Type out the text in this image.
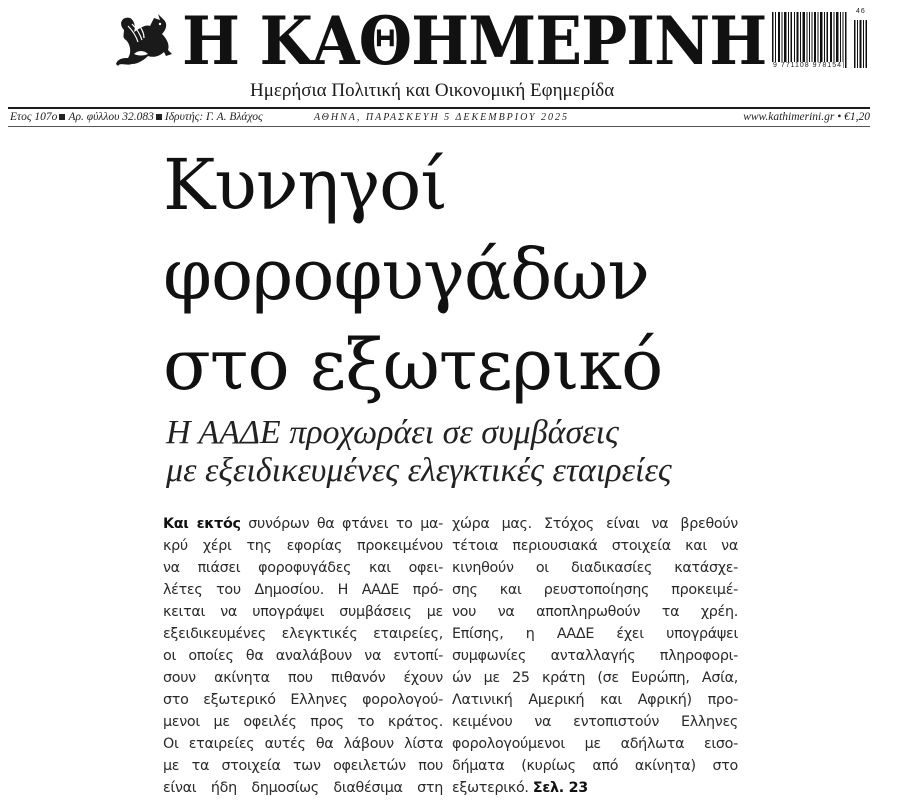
Η ΚΑΘΗΜΕΡΙΝΗ
Ημερήσια Πολιτική και Οικονομική Εφημερίδα
9 771108 978154
46
Ετος 107ο Αρ. φύλλου 32.083 Ιδρυτής: Γ. Α. Βλάχος	ΑΘΗΝΑ, ΠΑΡΑΣΚΕΥΗ 5 ΔΕΚΕΜΒΡΙΟΥ 2025	www.kathimerini.gr • €1,20
Κυνηγοί
φοροφυγάδων
στο εξωτερικό
Η ΑΑΔΕ προχωράει σε συμβάσεις
με εξειδικευμένες ελεγκτικές εταιρείες
Και εκτός συνόρων θα φτάνει το μα-
κρύ χέρι της εφορίας προκειμένου
να πιάσει φοροφυγάδες και οφει-
λέτες του Δημοσίου. Η ΑΑΔΕ πρό-
κειται να υπογράψει συμβάσεις με
εξειδικευμένες ελεγκτικές εταιρείες,
οι οποίες θα αναλάβουν να εντοπί-
σουν ακίνητα που πιθανόν έχουν
στο εξωτερικό Ελληνες φορολογού-
μενοι με οφειλές προς το κράτος.
Οι εταιρείες αυτές θα λάβουν λίστα
με τα στοιχεία των οφειλετών που
είναι ήδη δημοσίως διαθέσιμα στη
χώρα μας. Στόχος είναι να βρεθούν
τέτοια περιουσιακά στοιχεία και να
κινηθούν οι διαδικασίες κατάσχε-
σης και ρευστοποίησης προκειμέ-
νου να αποπληρωθούν τα χρέη.
Επίσης, η ΑΑΔΕ έχει υπογράψει
συμφωνίες ανταλλαγής πληροφορι-
ών με 25 κράτη (σε Ευρώπη, Ασία,
Λατινική Αμερική και Αφρική) προ-
κειμένου να εντοπιστούν Ελληνες
φορολογούμενοι με αδήλωτα εισο-
δήματα (κυρίως από ακίνητα) στο
εξωτερικό. Σελ. 23
